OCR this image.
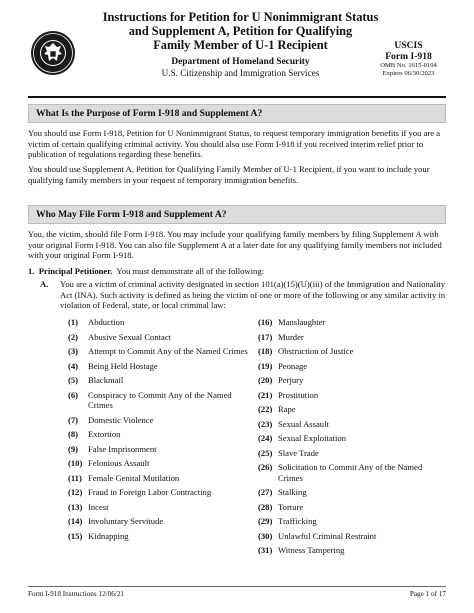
Instructions for Petition for U Nonimmigrant Status
and Supplement A, Petition for Qualifying
Family Member of U-1 Recipient
Department of Homeland Security
U.S. Citizenship and Immigration Services
USCIS
Form I-918
OMB No. 1615-0104
Expires 06/30/2023
What Is the Purpose of Form I-918 and Supplement A?
You should use Form I-918, Petition for U Nonimmigrant Status, to request temporary immigration benefits if you are a victim of certain qualifying criminal activity. You should also use Form I-918 if you received interim relief prior to publication of regulations regarding these benefits.
You should use Supplement A, Petition for Qualifying Family Member of U-1 Recipient, if you want to include your qualifying family members in your request of temporary immigration benefits.
Who May File Form I-918 and Supplement A?
You, the victim, should file Form I-918. You may include your qualifying family members by filing Supplement A with your original Form I-918. You can also file Supplement A at a later date for any qualifying family members not included with your original Form I-918.
1. Principal Petitioner. You must demonstrate all of the following:
A. You are a victim of criminal activity designated in section 101(a)(15)(U)(iii) of the Immigration and Nationality Act (INA). Such activity is defined as being the victim of one or more of the following or any similar activity in violation of Federal, state, or local criminal law:
(1) Abduction
(2) Abusive Sexual Contact
(3) Attempt to Commit Any of the Named Crimes
(4) Being Held Hostage
(5) Blackmail
(6) Conspiracy to Commit Any of the Named Crimes
(7) Domestic Violence
(8) Extortion
(9) False Imprisonment
(10) Felonious Assault
(11) Female Genital Mutilation
(12) Fraud in Foreign Labor Contracting
(13) Incest
(14) Involuntary Servitude
(15) Kidnapping
(16) Manslaughter
(17) Murder
(18) Obstruction of Justice
(19) Peonage
(20) Perjury
(21) Prostitution
(22) Rape
(23) Sexual Assault
(24) Sexual Exploitation
(25) Slave Trade
(26) Solicitation to Commit Any of the Named Crimes
(27) Stalking
(28) Torture
(29) Trafficking
(30) Unlawful Criminal Restraint
(31) Witness Tampering
Form I-918 Instructions 12/06/21	Page 1 of 17
